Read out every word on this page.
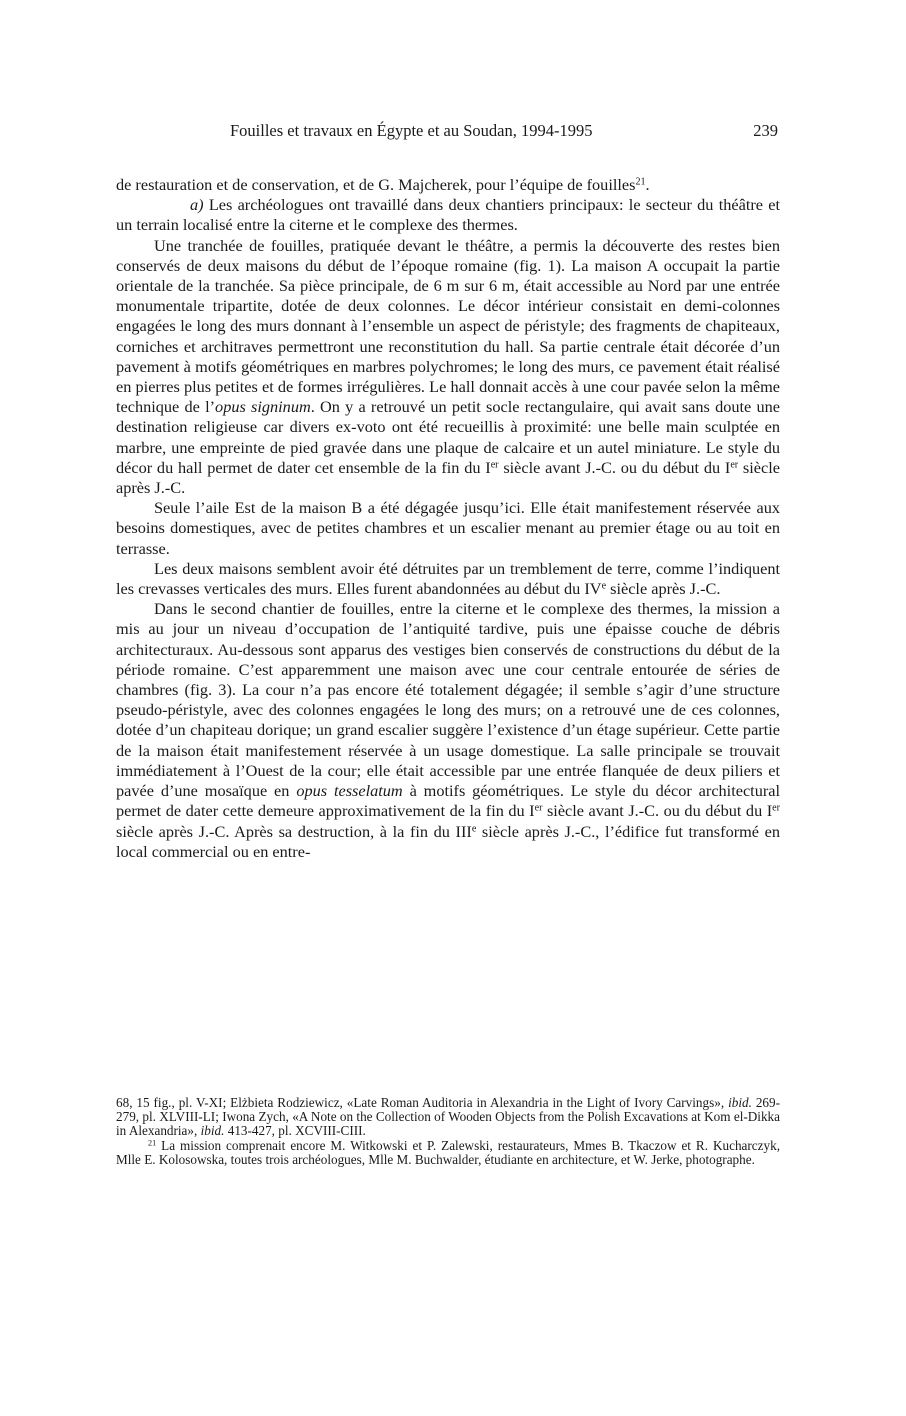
Fouilles et travaux en Égypte et au Soudan, 1994-1995	239

de restauration et de conservation, et de G. Majcherek, pour l’équipe de fouilles$^{21}$.

a) Les archéologues ont travaillé dans deux chantiers principaux: le secteur du théâtre et un terrain localisé entre la citerne et le complexe des thermes.

Une tranchée de fouilles, pratiquée devant le théâtre, a permis la découverte des restes bien conservés de deux maisons du début de l’époque romaine (fig. 1). La maison A occupait la partie orientale de la tranchée. Sa pièce principale, de 6 m sur 6 m, était accessible au Nord par une entrée monumentale tripartite, dotée de deux colonnes. Le décor intérieur consistait en demi-colonnes engagées le long des murs donnant à l’ensemble un aspect de péristyle; des fragments de chapiteaux, corniches et architraves permettront une reconstitution du hall. Sa partie centrale était décorée d’un pavement à motifs géométriques en marbres polychromes; le long des murs, ce pavement était réalisé en pierres plus petites et de formes irrégulières. Le hall donnait accès à une cour pavée selon la même technique de l’opus signinum. On y a retrouvé un petit socle rectangulaire, qui avait sans doute une destination religieuse car divers ex-voto ont été recueillis à proximité: une belle main sculptée en marbre, une empreinte de pied gravée dans une plaque de calcaire et un autel miniature. Le style du décor du hall permet de dater cet ensemble de la fin du Ier siècle avant J.-C. ou du début du Ier siècle après J.-C.

Seule l’aile Est de la maison B a été dégagée jusqu’ici. Elle était manifestement réservée aux besoins domestiques, avec de petites chambres et un escalier menant au premier étage ou au toit en terrasse.

Les deux maisons semblent avoir été détruites par un tremblement de terre, comme l’indiquent les crevasses verticales des murs. Elles furent abandonnées au début du IVe siècle après J.-C.

Dans le second chantier de fouilles, entre la citerne et le complexe des thermes, la mission a mis au jour un niveau d’occupation de l’antiquité tardive, puis une épaisse couche de débris architecturaux. Au-dessous sont apparus des vestiges bien conservés de constructions du début de la période romaine. C’est apparemment une maison avec une cour centrale entourée de séries de chambres (fig. 3). La cour n’a pas encore été totalement dégagée; il semble s’agir d’une structure pseudo-péristyle, avec des colonnes engagées le long des murs; on a retrouvé une de ces colonnes, dotée d’un chapiteau dorique; un grand escalier suggère l’existence d’un étage supérieur. Cette partie de la maison était manifestement réservée à un usage domestique. La salle principale se trouvait immédiatement à l’Ouest de la cour; elle était accessible par une entrée flanquée de deux piliers et pavée d’une mosaïque en opus tesselatum à motifs géométriques. Le style du décor architectural permet de dater cette demeure approximativement de la fin du Ier siècle avant J.-C. ou du début du Ier siècle après J.-C. Après sa destruction, à la fin du IIIe siècle après J.-C., l’édifice fut transformé en local commercial ou en entre-

68, 15 fig., pl. V-XI; Elżbieta Rodziewicz, «Late Roman Auditoria in Alexandria in the Light of Ivory Carvings», ibid. 269-279, pl. XLVIII-LI; Iwona Zych, «A Note on the Collection of Wooden Objects from the Polish Excavations at Kom el-Dikka in Alexandria», ibid. 413-427, pl. XCVIII-CIII.

$^{21}$ La mission comprenait encore M. Witkowski et P. Zalewski, restaurateurs, Mmes B. Tkaczow et R. Kucharczyk, Mlle E. Kolosowska, toutes trois archéologues, Mlle M. Buchwalder, étudiante en architecture, et W. Jerke, photographe.
